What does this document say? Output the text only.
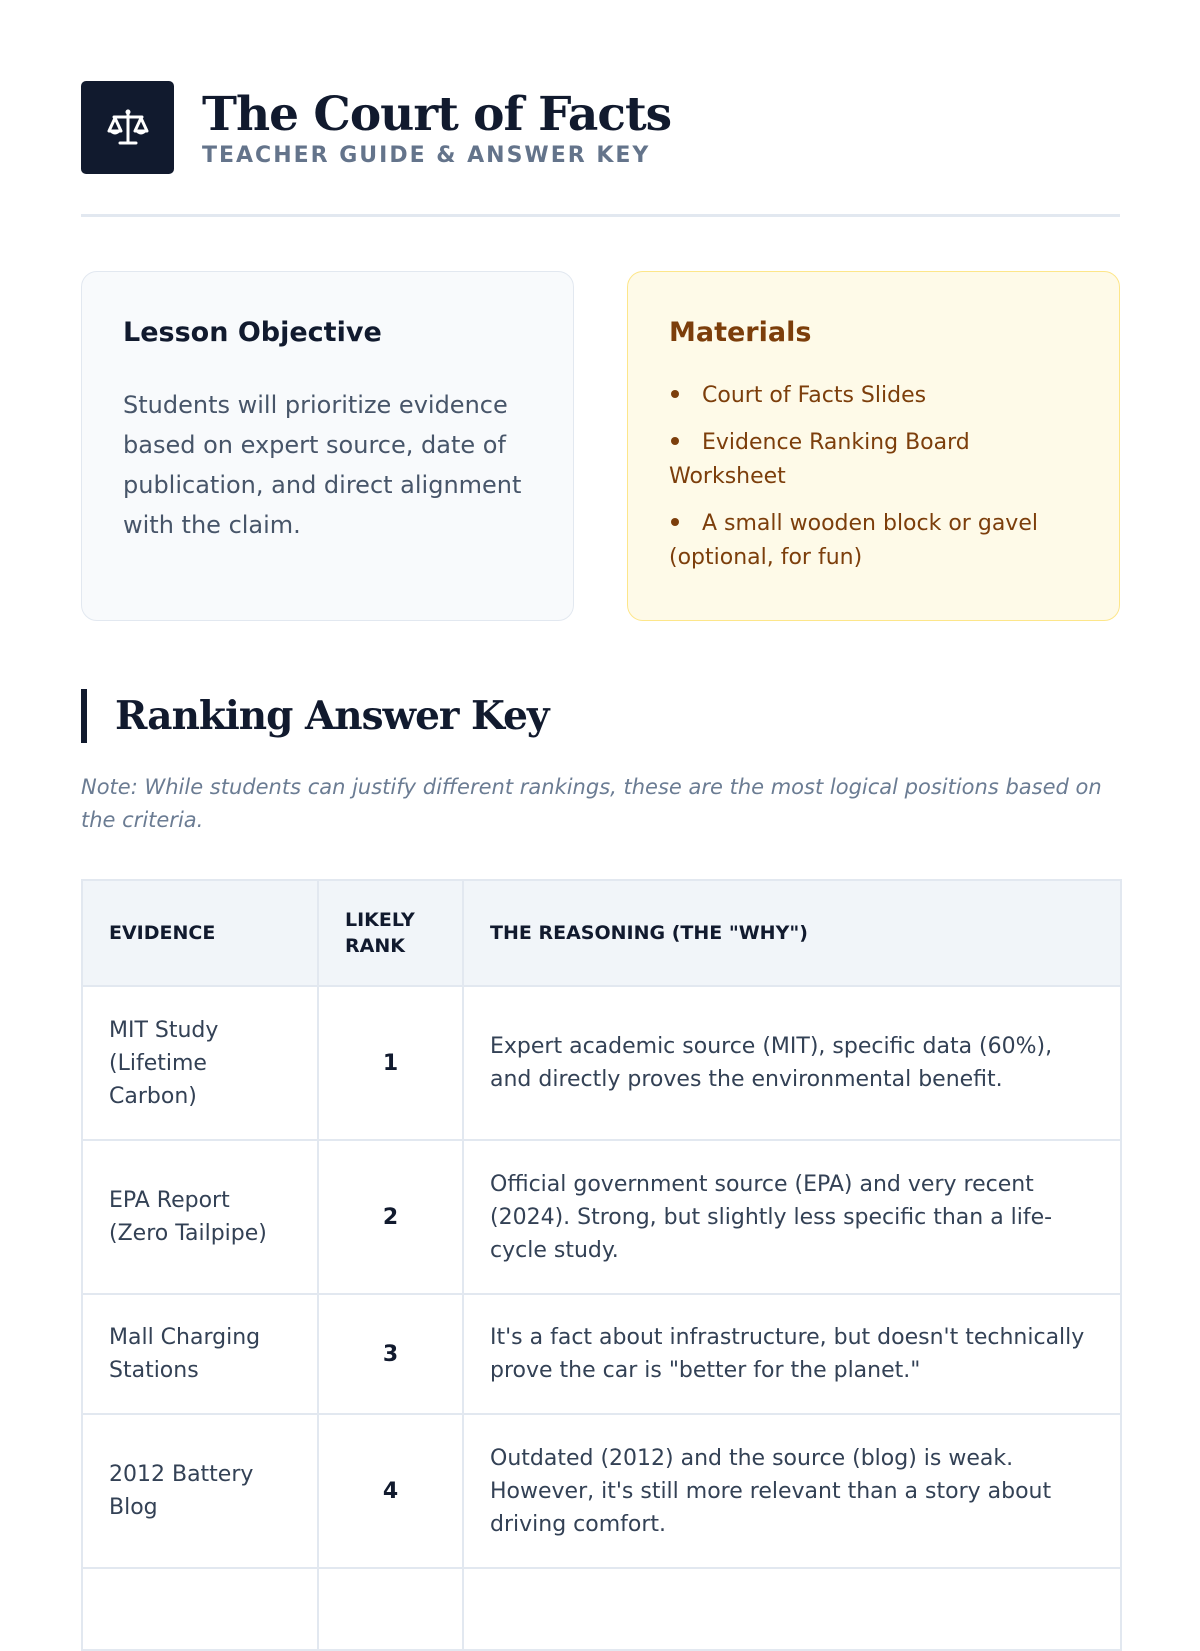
The Court of Facts
TEACHER GUIDE & ANSWER KEY
Lesson Objective
Students will prioritize evidence based on expert source, date of publication, and direct alignment with the claim.
Materials
Court of Facts Slides
Evidence Ranking Board Worksheet
A small wooden block or gavel (optional, for fun)
Ranking Answer Key
Note: While students can justify different rankings, these are the most logical positions based on the criteria.
EVIDENCE	LIKELY RANK	THE REASONING (THE "WHY")
MIT Study (Lifetime Carbon)	1	Expert academic source (MIT), specific data (60%), and directly proves the environmental benefit.
EPA Report (Zero Tailpipe)	2	Official government source (EPA) and very recent (2024). Strong, but slightly less specific than a life-cycle study.
Mall Charging Stations	3	It's a fact about infrastructure, but doesn't technically prove the car is "better for the planet."
2012 Battery Blog	4	Outdated (2012) and the source (blog) is weak. However, it's still more relevant than a story about driving comfort.
